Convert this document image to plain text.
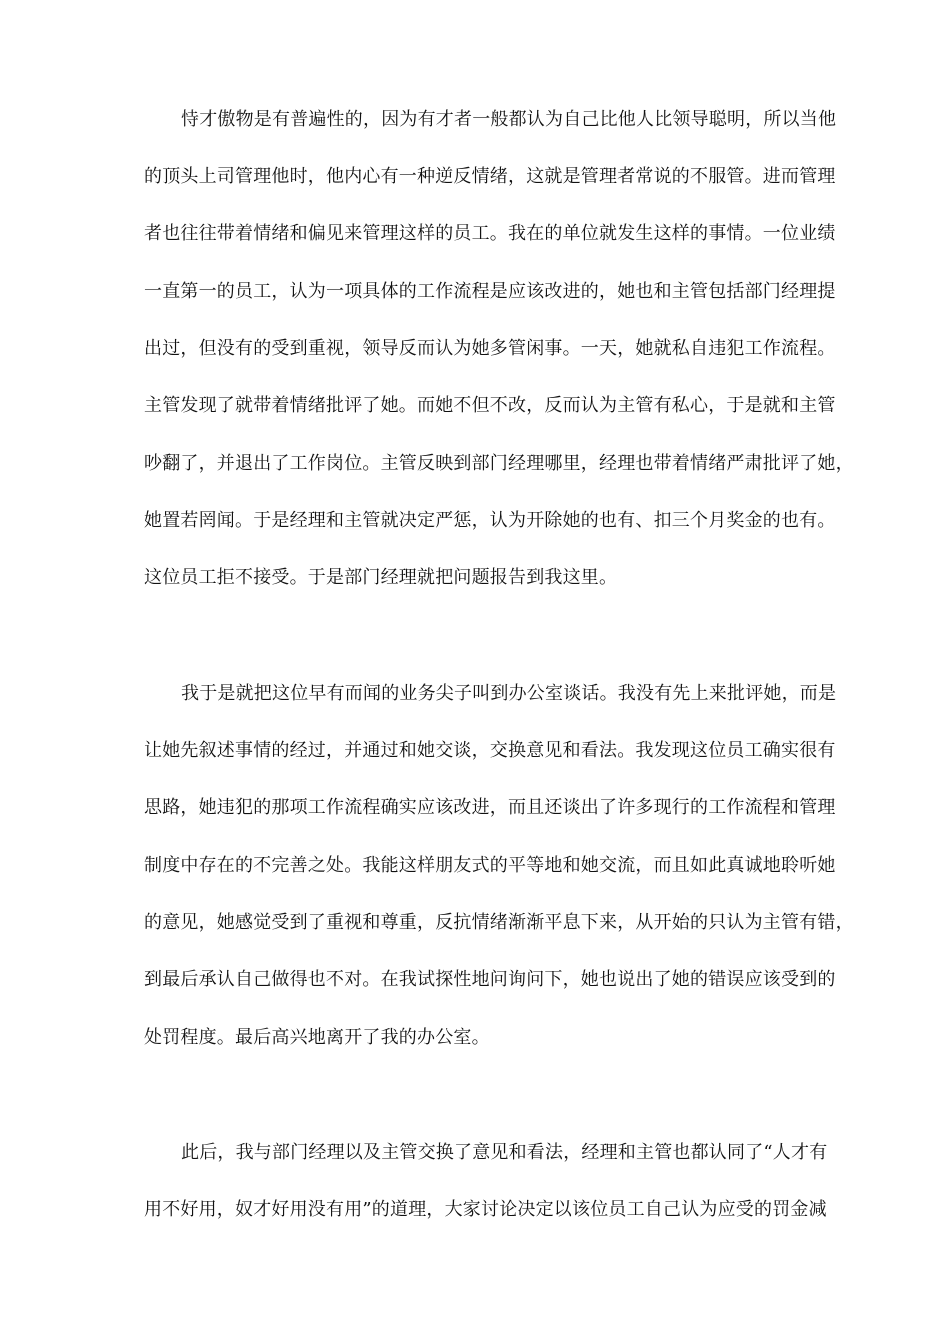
恃才傲物是有普遍性的，因为有才者一般都认为自己比他人比领导聪明，所以当他
的顶头上司管理他时，他内心有一种逆反情绪，这就是管理者常说的不服管。进而管理
者也往往带着情绪和偏见来管理这样的员工。我在的单位就发生这样的事情。一位业绩
一直第一的员工，认为一项具体的工作流程是应该改进的，她也和主管包括部门经理提
出过，但没有的受到重视，领导反而认为她多管闲事。一天，她就私自违犯工作流程。
主管发现了就带着情绪批评了她。而她不但不改，反而认为主管有私心，于是就和主管
吵翻了，并退出了工作岗位。主管反映到部门经理哪里，经理也带着情绪严肃批评了她，
她置若罔闻。于是经理和主管就决定严惩，认为开除她的也有、扣三个月奖金的也有。
这位员工拒不接受。于是部门经理就把问题报告到我这里。
我于是就把这位早有而闻的业务尖子叫到办公室谈话。我没有先上来批评她，而是
让她先叙述事情的经过，并通过和她交谈，交换意见和看法。我发现这位员工确实很有
思路，她违犯的那项工作流程确实应该改进，而且还谈出了许多现行的工作流程和管理
制度中存在的不完善之处。我能这样朋友式的平等地和她交流，而且如此真诚地聆听她
的意见，她感觉受到了重视和尊重，反抗情绪渐渐平息下来，从开始的只认为主管有错，
到最后承认自己做得也不对。在我试探性地问询问下，她也说出了她的错误应该受到的
处罚程度。最后高兴地离开了我的办公室。
此后，我与部门经理以及主管交换了意见和看法，经理和主管也都认同了“人才有
用不好用，奴才好用没有用”的道理，大家讨论决定以该位员工自己认为应受的罚金减
